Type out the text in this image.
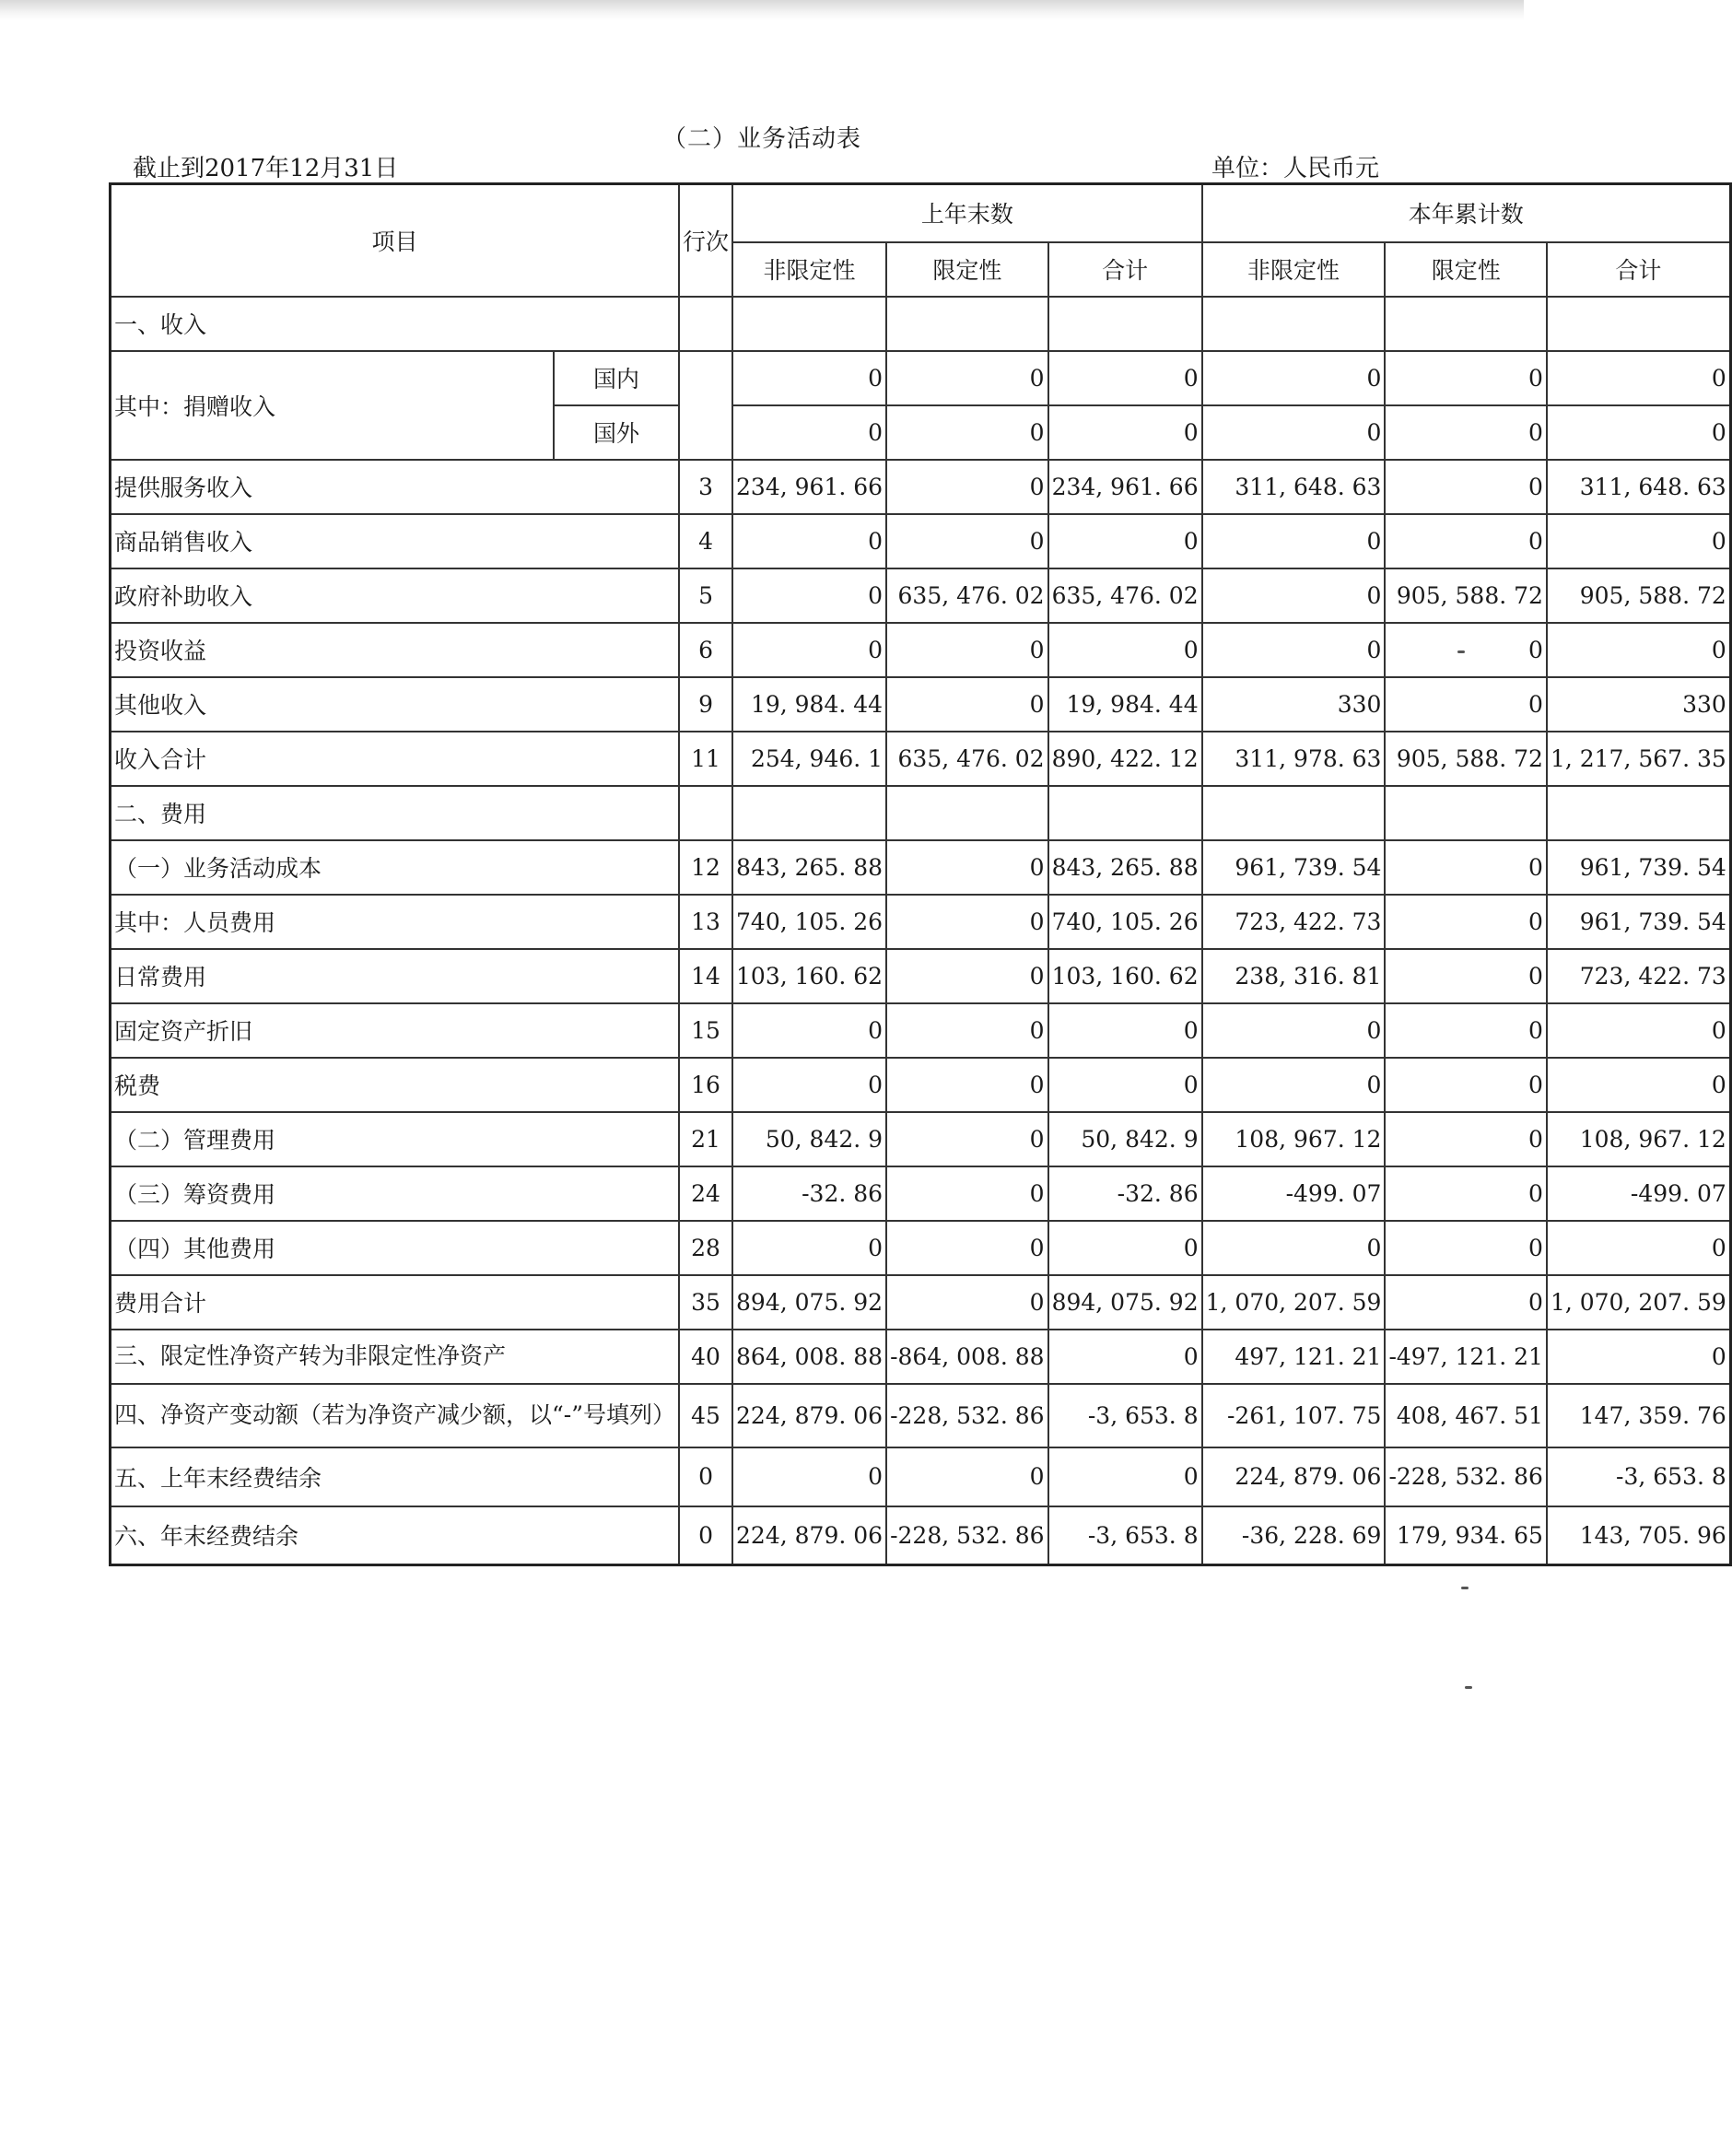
（二）业务活动表
截止到2017年12月31日	单位：人民币元
项目		行次	上年末数			本年累计数		
			非限定性	限定性	合计	非限定性	限定性	合计
一、收入								
其中：捐赠收入	国内		0	0	0	0	0	0
	国外		0	0	0	0	0	0
提供服务收入		3	234, 961. 66	0	234, 961. 66	311, 648. 63	0	311, 648. 63
商品销售收入		4	0	0	0	0	0	0
政府补助收入		5	0	635, 476. 02	635, 476. 02	0	905, 588. 72	905, 588. 72
投资收益		6	0	0	0	0	0	0
其他收入		9	19, 984. 44	0	19, 984. 44	330	0	330
收入合计		11	254, 946. 1	635, 476. 02	890, 422. 12	311, 978. 63	905, 588. 72	1, 217, 567. 35
二、费用								
（一）业务活动成本		12	843, 265. 88	0	843, 265. 88	961, 739. 54	0	961, 739. 54
其中：人员费用		13	740, 105. 26	0	740, 105. 26	723, 422. 73	0	961, 739. 54
日常费用		14	103, 160. 62	0	103, 160. 62	238, 316. 81	0	723, 422. 73
固定资产折旧		15	0	0	0	0	0	0
税费		16	0	0	0	0	0	0
（二）管理费用		21	50, 842. 9	0	50, 842. 9	108, 967. 12	0	108, 967. 12
（三）筹资费用		24	-32. 86	0	-32. 86	-499. 07	0	-499. 07
（四）其他费用		28	0	0	0	0	0	0
费用合计		35	894, 075. 92	0	894, 075. 92	1, 070, 207. 59	0	1, 070, 207. 59
三、限定性净资产转为非限定性净资产		40	864, 008. 88	-864, 008. 88	0	497, 121. 21	-497, 121. 21	0
四、净资产变动额（若为净资产减少额，以“-”号填列）		45	224, 879. 06	-228, 532. 86	-3, 653. 8	-261, 107. 75	408, 467. 51	147, 359. 76
五、上年末经费结余		0	0	0	0	224, 879. 06	-228, 532. 86	-3, 653. 8
六、年末经费结余		0	224, 879. 06	-228, 532. 86	-3, 653. 8	-36, 228. 69	179, 934. 65	143, 705. 96
